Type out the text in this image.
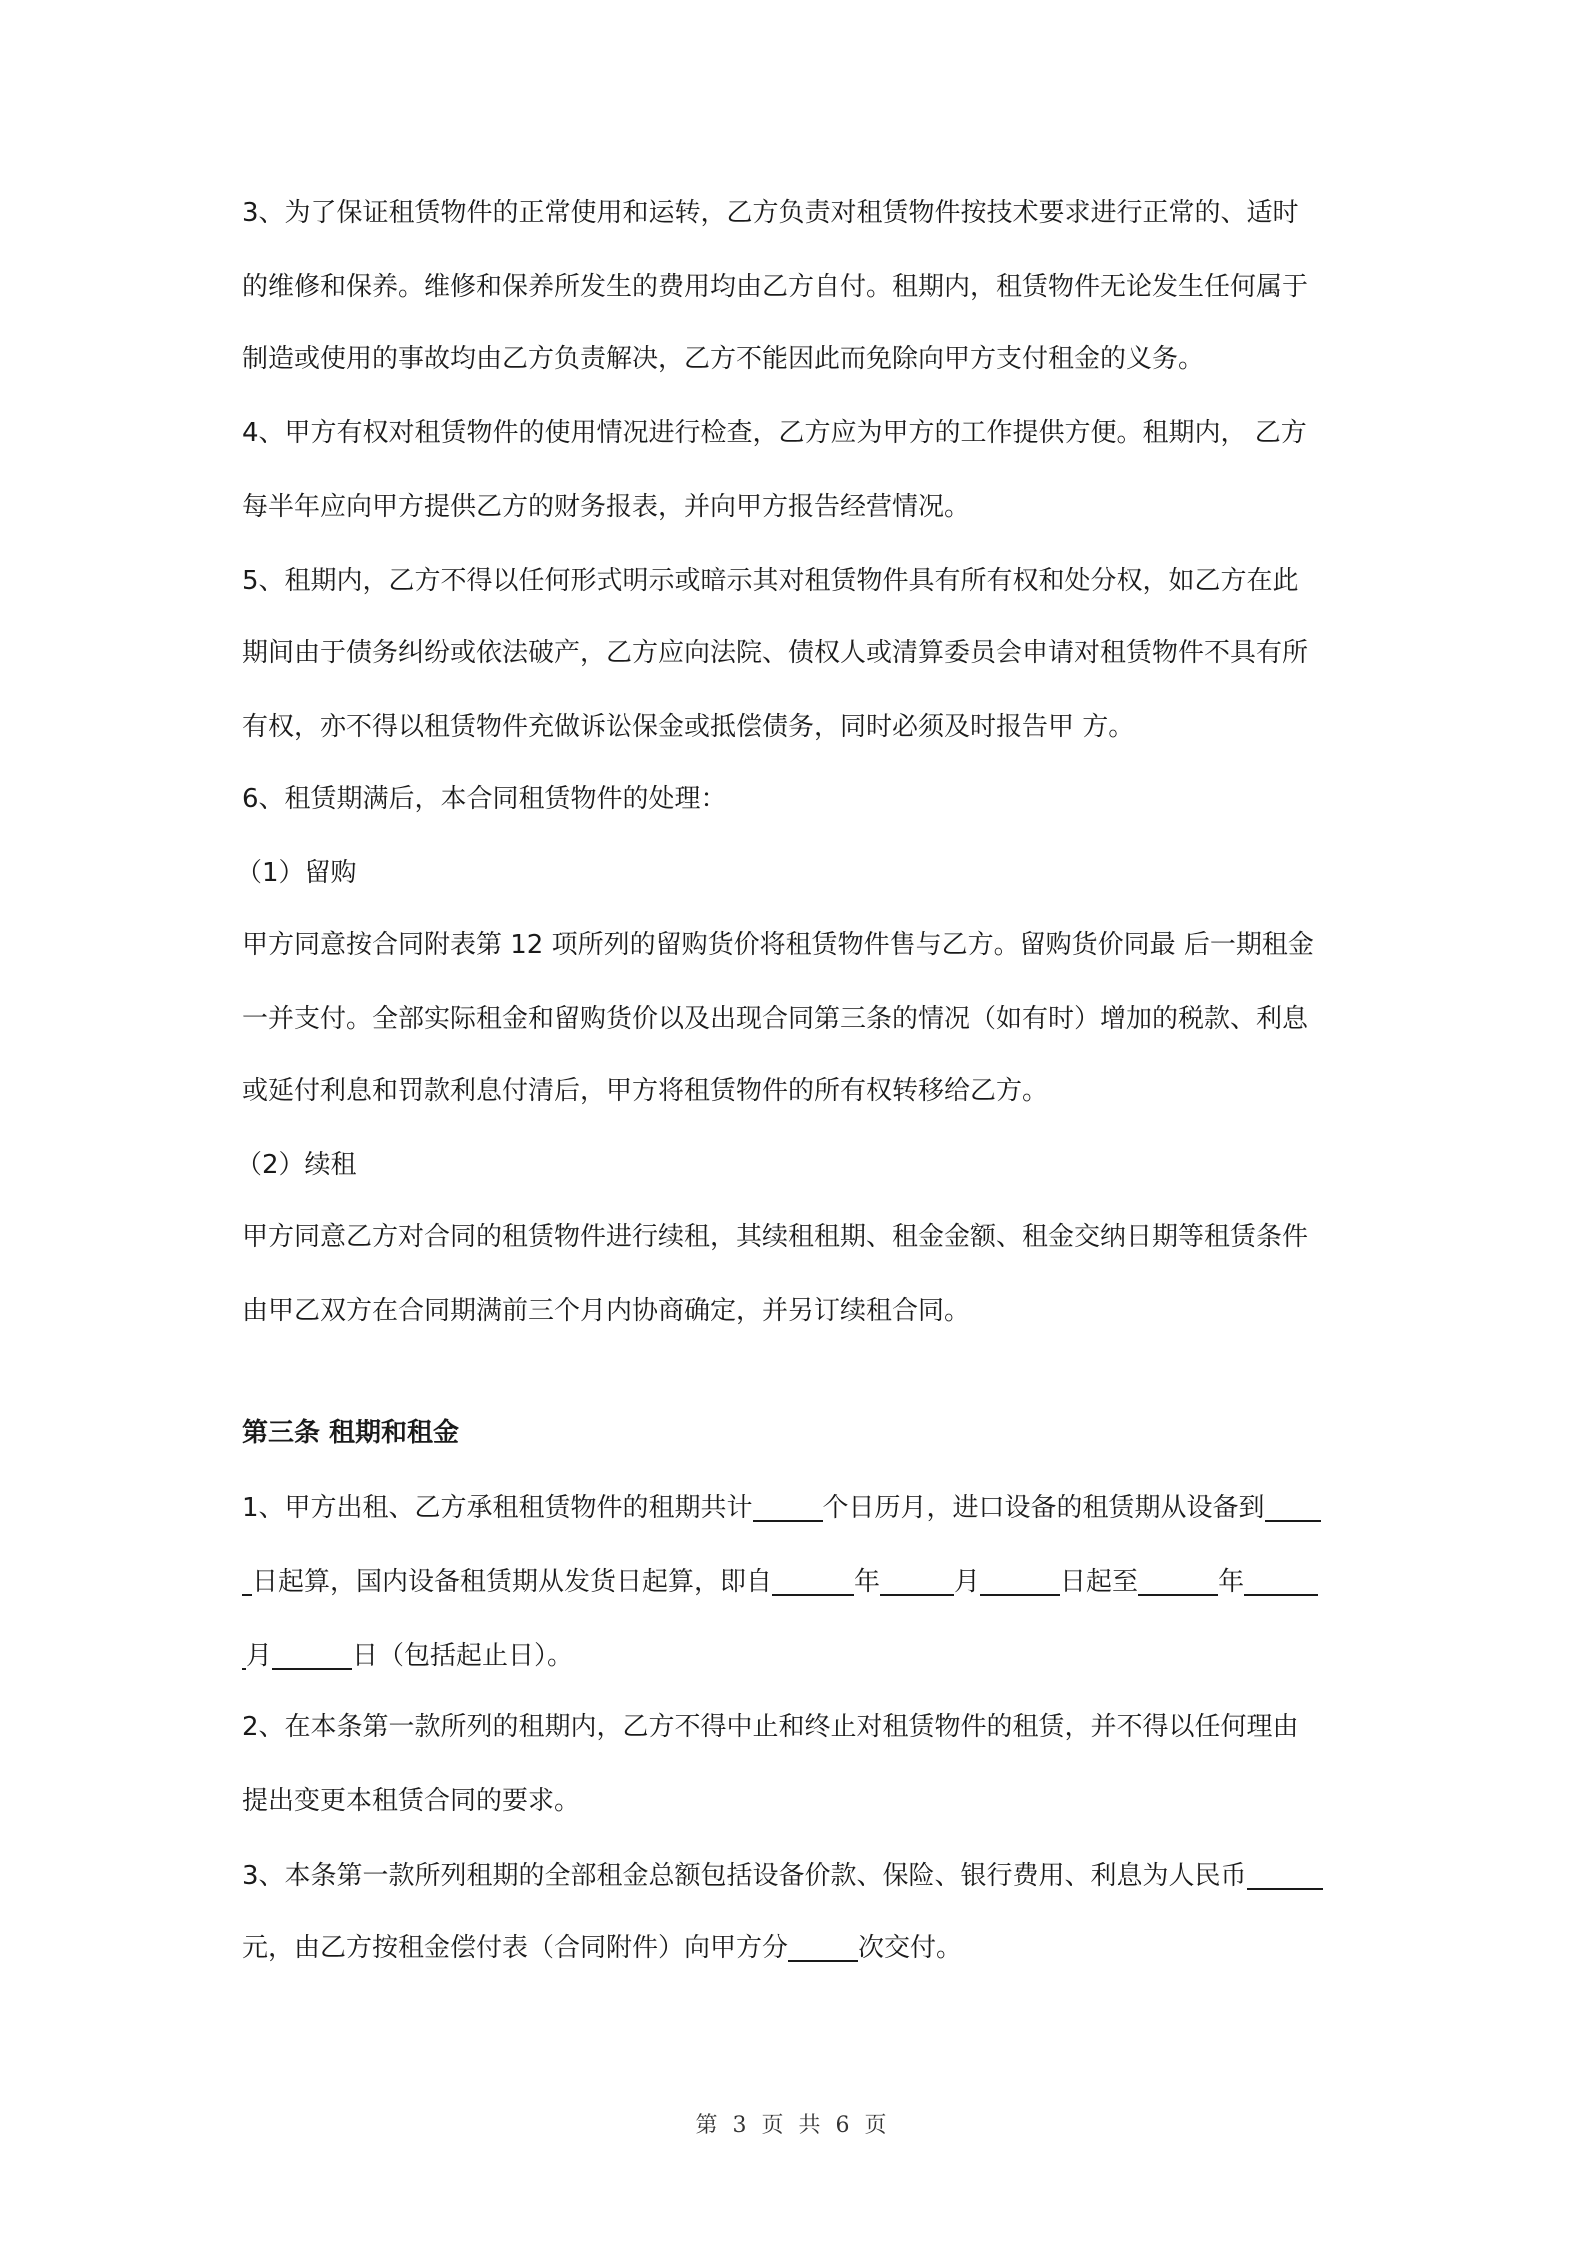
3、为了保证租赁物件的正常使用和运转，乙方负责对租赁物件按技术要求进行正常的、适时
的维修和保养。维修和保养所发生的费用均由乙方自付。租期内，租赁物件无论发生任何属于
制造或使用的事故均由乙方负责解决，乙方不能因此而免除向甲方支付租金的义务。
4、甲方有权对租赁物件的使用情况进行检查，乙方应为甲方的工作提供方便。租期内， 乙方
每半年应向甲方提供乙方的财务报表，并向甲方报告经营情况。
5、租期内，乙方不得以任何形式明示或暗示其对租赁物件具有所有权和处分权，如乙方在此
期间由于债务纠纷或依法破产，乙方应向法院、债权人或清算委员会申请对租赁物件不具有所
有权，亦不得以租赁物件充做诉讼保金或抵偿债务，同时必须及时报告甲 方。
6、租赁期满后，本合同租赁物件的处理：
（1）留购
甲方同意按合同附表第 12 项所列的留购货价将租赁物件售与乙方。留购货价同最 后一期租金
一并支付。全部实际租金和留购货价以及出现合同第三条的情况（如有时）增加的税款、利息
或延付利息和罚款利息付清后，甲方将租赁物件的所有权转移给乙方。
（2）续租
甲方同意乙方对合同的租赁物件进行续租，其续租租期、租金金额、租金交纳日期等租赁条件
由甲乙双方在合同期满前三个月内协商确定，并另订续租合同。
第三条 租期和租金
1、甲方出租、乙方承租租赁物件的租期共计	个日历月，进口设备的租赁期从设备到
日起算，国内设备租赁期从发货日起算，即自	年	月	日起至	年
月	日（包括起止日）。
2、在本条第一款所列的租期内，乙方不得中止和终止对租赁物件的租赁，并不得以任何理由
提出变更本租赁合同的要求。
3、本条第一款所列租期的全部租金总额包括设备价款、保险、银行费用、利息为人民币
元，由乙方按租金偿付表（合同附件）向甲方分	次交付。
第 3 页 共 6 页
